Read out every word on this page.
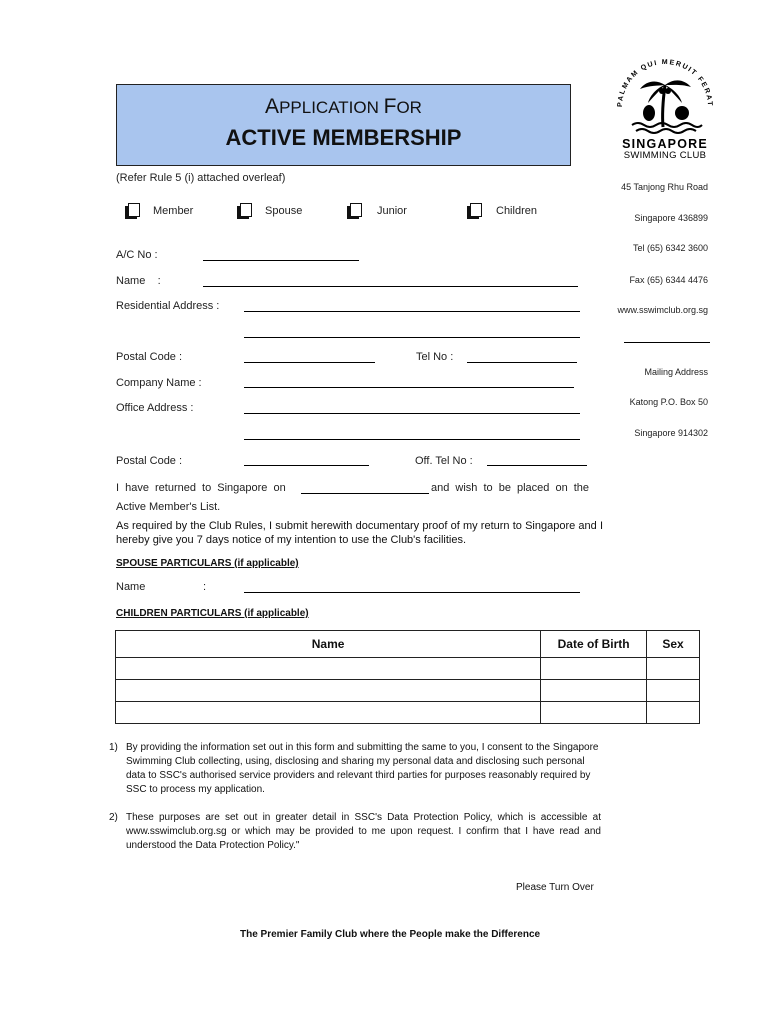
APPLICATION FOR
ACTIVE MEMBERSHIP
PALMAM QUI MERUIT FERAT
SINGAPORE
SWIMMING CLUB
45 Tanjong Rhu Road
Singapore 436899
Tel (65) 6342 3600
Fax (65) 6344 4476
www.sswimclub.org.sg
Mailing Address
Katong P.O. Box 50
Singapore 914302
(Refer Rule 5 (i) attached overleaf)
Member	Spouse	Junior	Children
A/C No :
Name    :
Residential Address :
Postal Code :	Tel No :
Company Name :
Office Address :
Postal Code :	Off. Tel No :
I have returned to Singapore on	and wish to be placed on the
Active Member's List.
As required by the Club Rules, I submit herewith documentary proof of my return to Singapore and I hereby give you 7 days notice of my intention to use the Club's facilities.
SPOUSE PARTICULARS (if applicable)
Name	:
CHILDREN PARTICULARS (if applicable)
Name	Date of Birth	Sex

1) By providing the information set out in this form and submitting the same to you, I consent to the Singapore Swimming Club collecting, using, disclosing and sharing my personal data and disclosing such personal data to SSC's authorised service providers and relevant third parties for purposes reasonably required by SSC to process my application.
2) These purposes are set out in greater detail in SSC's Data Protection Policy, which is accessible at www.sswimclub.org.sg or which may be provided to me upon request. I confirm that I have read and understood the Data Protection Policy."
Please Turn Over
The Premier Family Club where the People make the Difference
